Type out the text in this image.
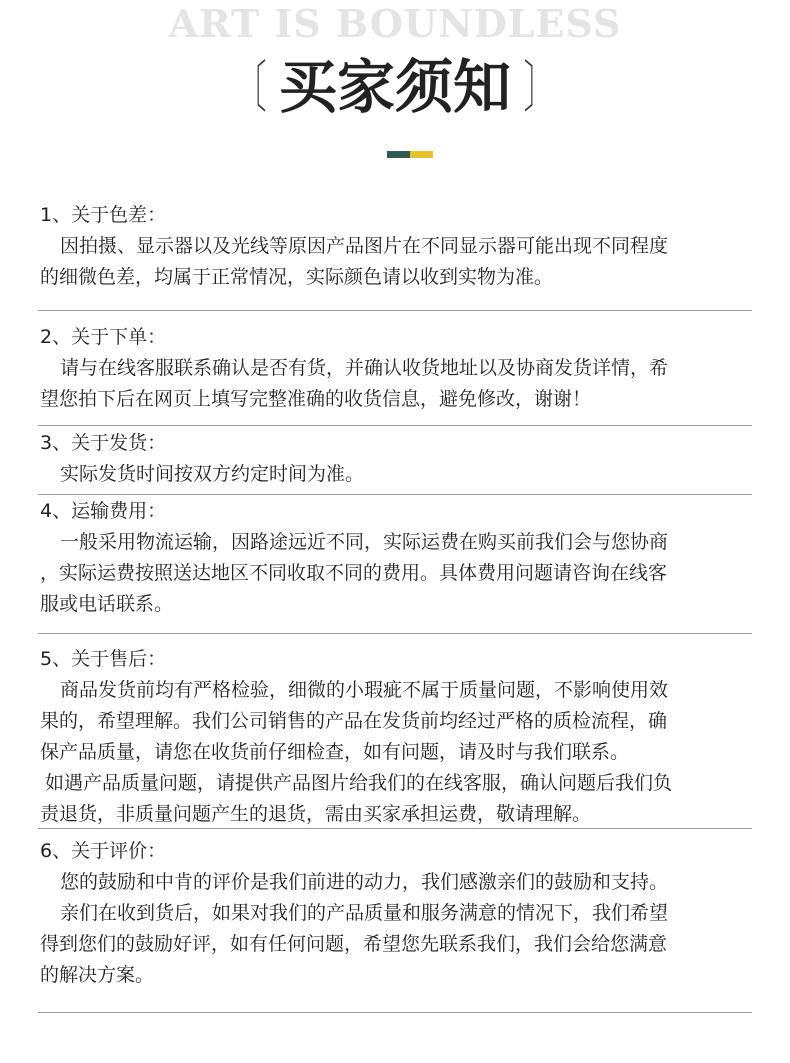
ART IS BOUNDLESS
〔 买家须知 〕

1、关于色差：

因拍摄、显示器以及光线等原因产品图片在不同显示器可能出现不同程度

的细微色差，均属于正常情况，实际颜色请以收到实物为准。

2、关于下单：

请与在线客服联系确认是否有货，并确认收货地址以及协商发货详情，希

望您拍下后在网页上填写完整准确的收货信息，避免修改，谢谢！

3、关于发货：

实际发货时间按双方约定时间为准。

4、运输费用：

一般采用物流运输，因路途远近不同，实际运费在购买前我们会与您协商

，实际运费按照送达地区不同收取不同的费用。具体费用问题请咨询在线客

服或电话联系。

5、关于售后：

商品发货前均有严格检验，细微的小瑕疵不属于质量问题，不影响使用效

果的，希望理解。我们公司销售的产品在发货前均经过严格的质检流程，确

保产品质量，请您在收货前仔细检查，如有问题，请及时与我们联系。

如遇产品质量问题，请提供产品图片给我们的在线客服，确认问题后我们负

责退货，非质量问题产生的退货，需由买家承担运费，敬请理解。

6、关于评价：

您的鼓励和中肯的评价是我们前进的动力，我们感激亲们的鼓励和支持。

亲们在收到货后，如果对我们的产品质量和服务满意的情况下，我们希望

得到您们的鼓励好评，如有任何问题，希望您先联系我们，我们会给您满意

的解决方案。
